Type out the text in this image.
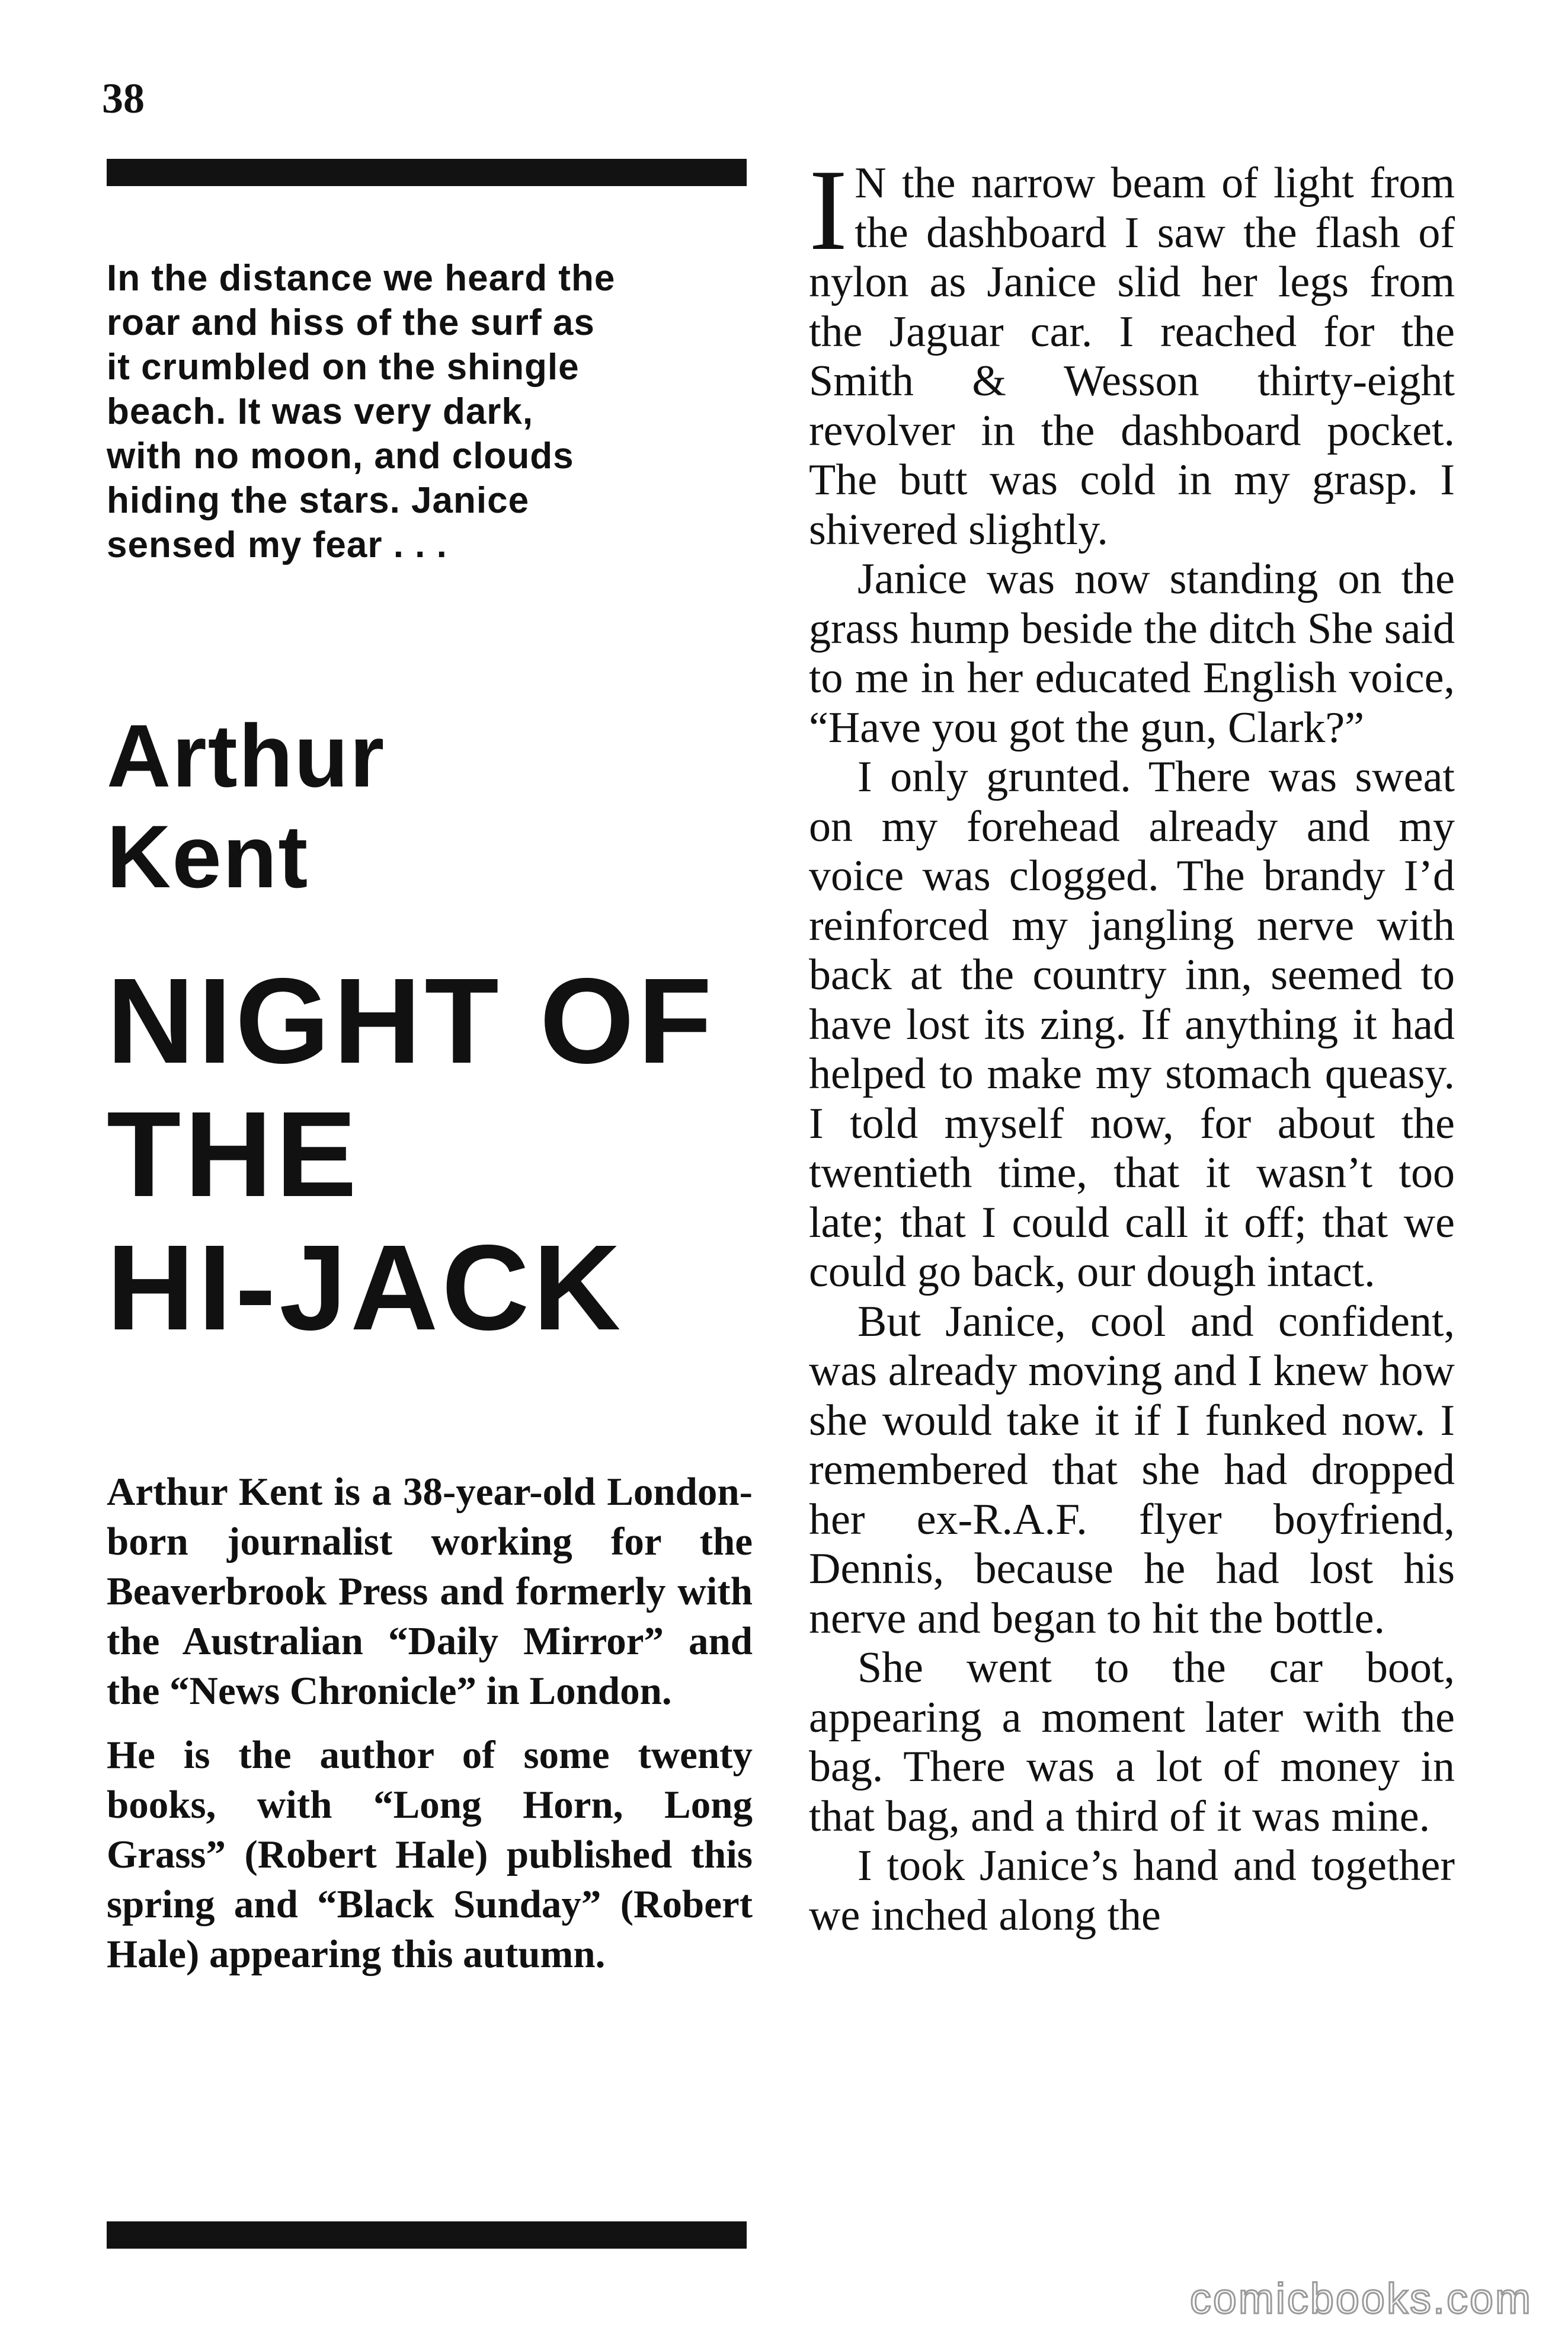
38

In the distance we heard the
roar and hiss of the surf as
it crumbled on the shingle
beach. It was very dark,
with no moon, and clouds
hiding the stars. Janice
sensed my fear . . .

Arthur
Kent
NIGHT OF
THE
HI-JACK

Arthur Kent is a 38-year-old London-born journalist working for the Beaverbrook Press and formerly with the Australian “Daily Mirror” and the “News Chronicle” in London.

He is the author of some twenty books, with “Long Horn, Long Grass” (Robert Hale) published this spring and “Black Sunday” (Robert Hale) appearing this autumn.

I N the narrow beam of light from the dashboard I saw the flash of nylon as Janice slid her legs from the Jaguar car. I reached for the Smith & Wesson thirty-eight revolver in the dashboard pocket. The butt was cold in my grasp. I shivered slightly.

Janice was now standing on the grass hump beside the ditch She said to me in her educated English voice, “Have you got the gun, Clark?”

I only grunted. There was sweat on my forehead already and my voice was clogged. The brandy I’d reinforced my jangling nerve with back at the country inn, seemed to have lost its zing. If anything it had helped to make my stomach queasy. I told myself now, for about the twentieth time, that it wasn’t too late; that I could call it off; that we could go back, our dough intact.

But Janice, cool and confident, was already moving and I knew how she would take it if I funked now. I remembered that she had dropped her ex-R.A.F. flyer boyfriend, Dennis, because he had lost his nerve and began to hit the bottle.

She went to the car boot, appearing a moment later with the bag. There was a lot of money in that bag, and a third of it was mine.

I took Janice’s hand and together we inched along the

comicbooks.com
